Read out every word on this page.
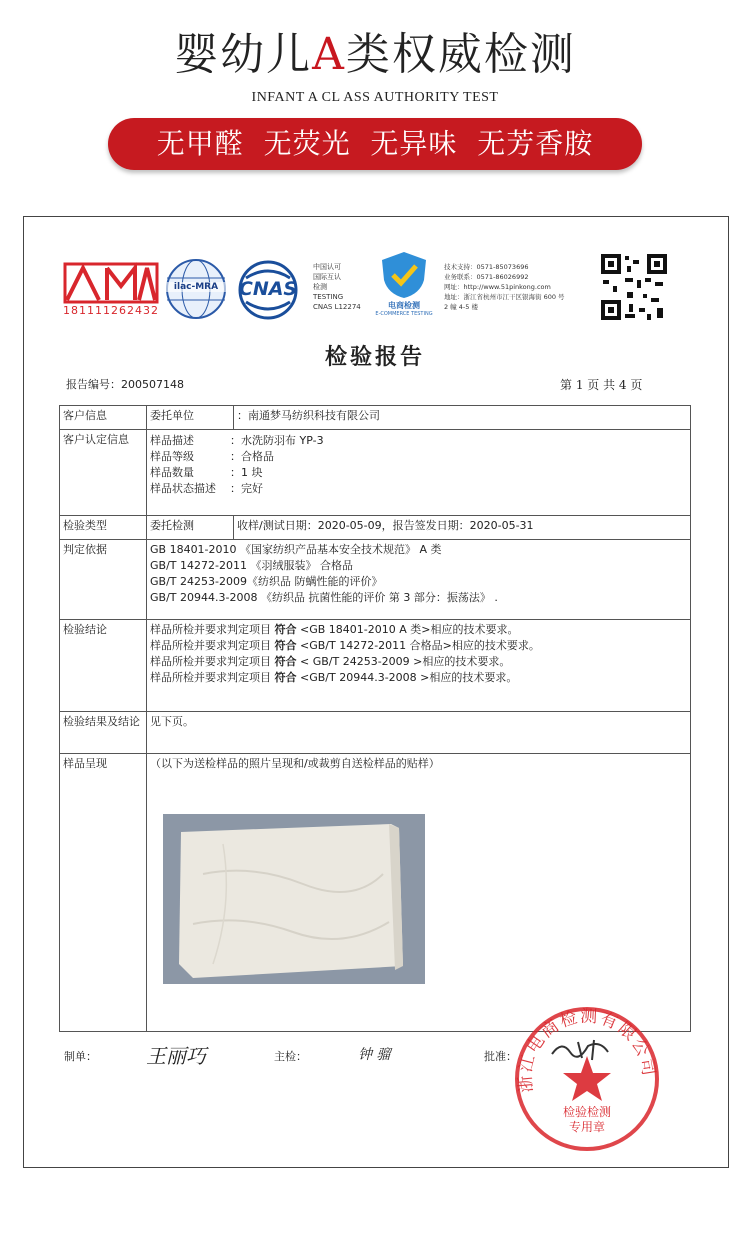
婴幼儿A类权威检测
INFANT A CL ASS AUTHORITY TEST
无甲醛  无荧光  无异味  无芳香胺
181111262432
ilac-MRA	CNAS
中国认可
国际互认
检测
TESTING
CNAS L12274	电商检测
E-COMMERCE TESTING
技术支持：0571-85073696
业务联系：0571-86026992
网址：http://www.51pinkong.com
地址：浙江省杭州市江干区银海街 600 号
2 幢 4-5 楼
检验报告
报告编号：200507148	第 1 页 共 4 页
客户信息	委托单位	：南通梦马纺织科技有限公司
客户认定信息	样品描述 ：水洗防羽布 YP-3
样品等级 ：合格品
样品数量 ：1 块
样品状态描述 ：完好	

检验类型	委托检测	收样/测试日期：2020-05-09，报告签发日期：2020-05-31
判定依据	GB 18401-2010 《国家纺织产品基本安全技术规范》 A 类
GB/T 14272-2011 《羽绒服装》 合格品
GB/T 24253-2009《纺织品 防螨性能的评价》
GB/T 20944.3-2008 《纺织品 抗菌性能的评价 第 3 部分：振荡法》 .	

检验结论	样品所检并要求判定项目 符合 <GB 18401-2010 A 类>相应的技术要求。
样品所检并要求判定项目 符合 <GB/T 14272-2011 合格品>相应的技术要求。
样品所检并要求判定项目 符合 < GB/T 24253-2009 >相应的技术要求。
样品所检并要求判定项目 符合 <GB/T 20944.3-2008 >相应的技术要求。	

检验结果及结论	见下页。	
样品呈现	（以下为送检样品的照片呈现和/或裁剪自送检样品的贴样）	
制单： 王丽巧	主检：	钟 骝	批准：
浙江电商检测有限公司
检验检测
专用章
